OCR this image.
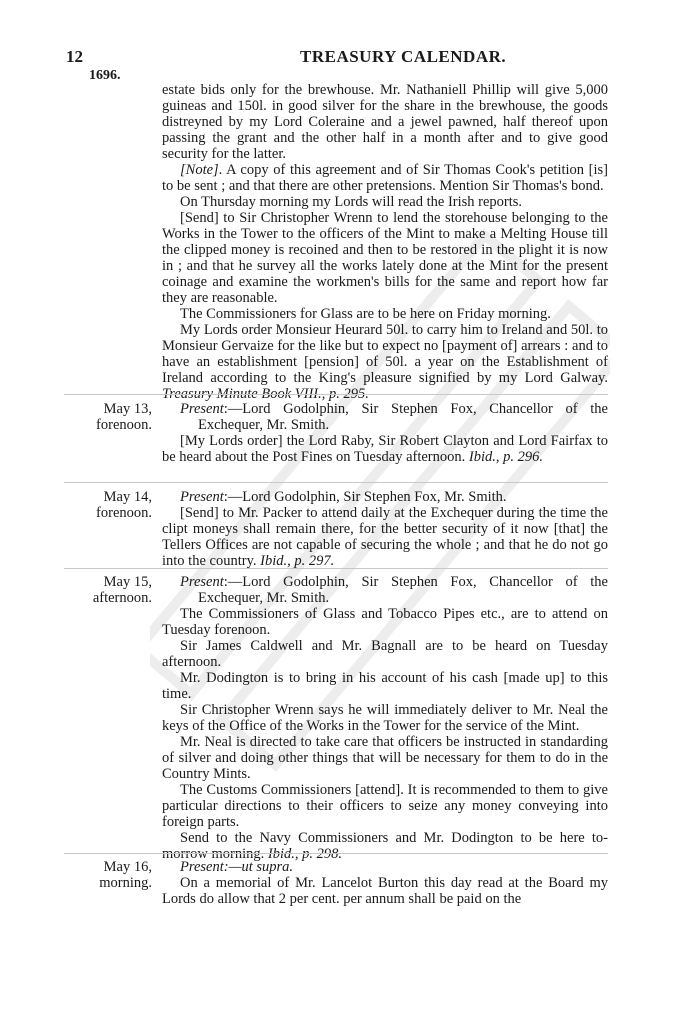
12	TREASURY CALENDAR.
1696.

estate bids only for the brewhouse. Mr. Nathaniell Phillip will give 5,000 guineas and 150l. in good silver for the share in the brewhouse, the goods distreyned by my Lord Coleraine and a jewel pawned, half thereof upon passing the grant and the other half in a month after and to give good security for the latter.

[Note]. A copy of this agreement and of Sir Thomas Cook's petition [is] to be sent ; and that there are other pretensions. Mention Sir Thomas's bond.

On Thursday morning my Lords will read the Irish reports.

[Send] to Sir Christopher Wrenn to lend the storehouse belonging to the Works in the Tower to the officers of the Mint to make a Melting House till the clipped money is recoined and then to be restored in the plight it is now in ; and that he survey all the works lately done at the Mint for the present coinage and examine the workmen's bills for the same and report how far they are reasonable.

The Commissioners for Glass are to be here on Friday morning.

My Lords order Monsieur Heurard 50l. to carry him to Ireland and 50l. to Monsieur Gervaize for the like but to expect no [payment of] arrears : and to have an establishment [pension] of 50l. a year on the Establishment of Ireland according to the King's pleasure signified by my Lord Galway. Treasury Minute Book VIII., p. 295.

May 13,
forenoon.

Present:—Lord Godolphin, Sir Stephen Fox, Chancellor of the Exchequer, Mr. Smith.

[My Lords order] the Lord Raby, Sir Robert Clayton and Lord Fairfax to be heard about the Post Fines on Tuesday afternoon. Ibid., p. 296.

May 14,
forenoon.

Present:—Lord Godolphin, Sir Stephen Fox, Mr. Smith.

[Send] to Mr. Packer to attend daily at the Exchequer during the time the clipt moneys shall remain there, for the better security of it now [that] the Tellers Offices are not capable of securing the whole ; and that he do not go into the country. Ibid., p. 297.

May 15,
afternoon.

Present:—Lord Godolphin, Sir Stephen Fox, Chancellor of the Exchequer, Mr. Smith.

The Commissioners of Glass and Tobacco Pipes etc., are to attend on Tuesday forenoon.

Sir James Caldwell and Mr. Bagnall are to be heard on Tuesday afternoon.

Mr. Dodington is to bring in his account of his cash [made up] to this time.

Sir Christopher Wrenn says he will immediately deliver to Mr. Neal the keys of the Office of the Works in the Tower for the service of the Mint.

Mr. Neal is directed to take care that officers be instructed in standarding of silver and doing other things that will be necessary for them to do in the Country Mints.

The Customs Commissioners [attend]. It is recommended to them to give particular directions to their officers to seize any money conveying into foreign parts.

Send to the Navy Commissioners and Mr. Dodington to be here to-morrow morning. Ibid., p. 298.

May 16,
morning.

Present:—ut supra.

On a memorial of Mr. Lancelot Burton this day read at the Board my Lords do allow that 2 per cent. per annum shall be paid on the
